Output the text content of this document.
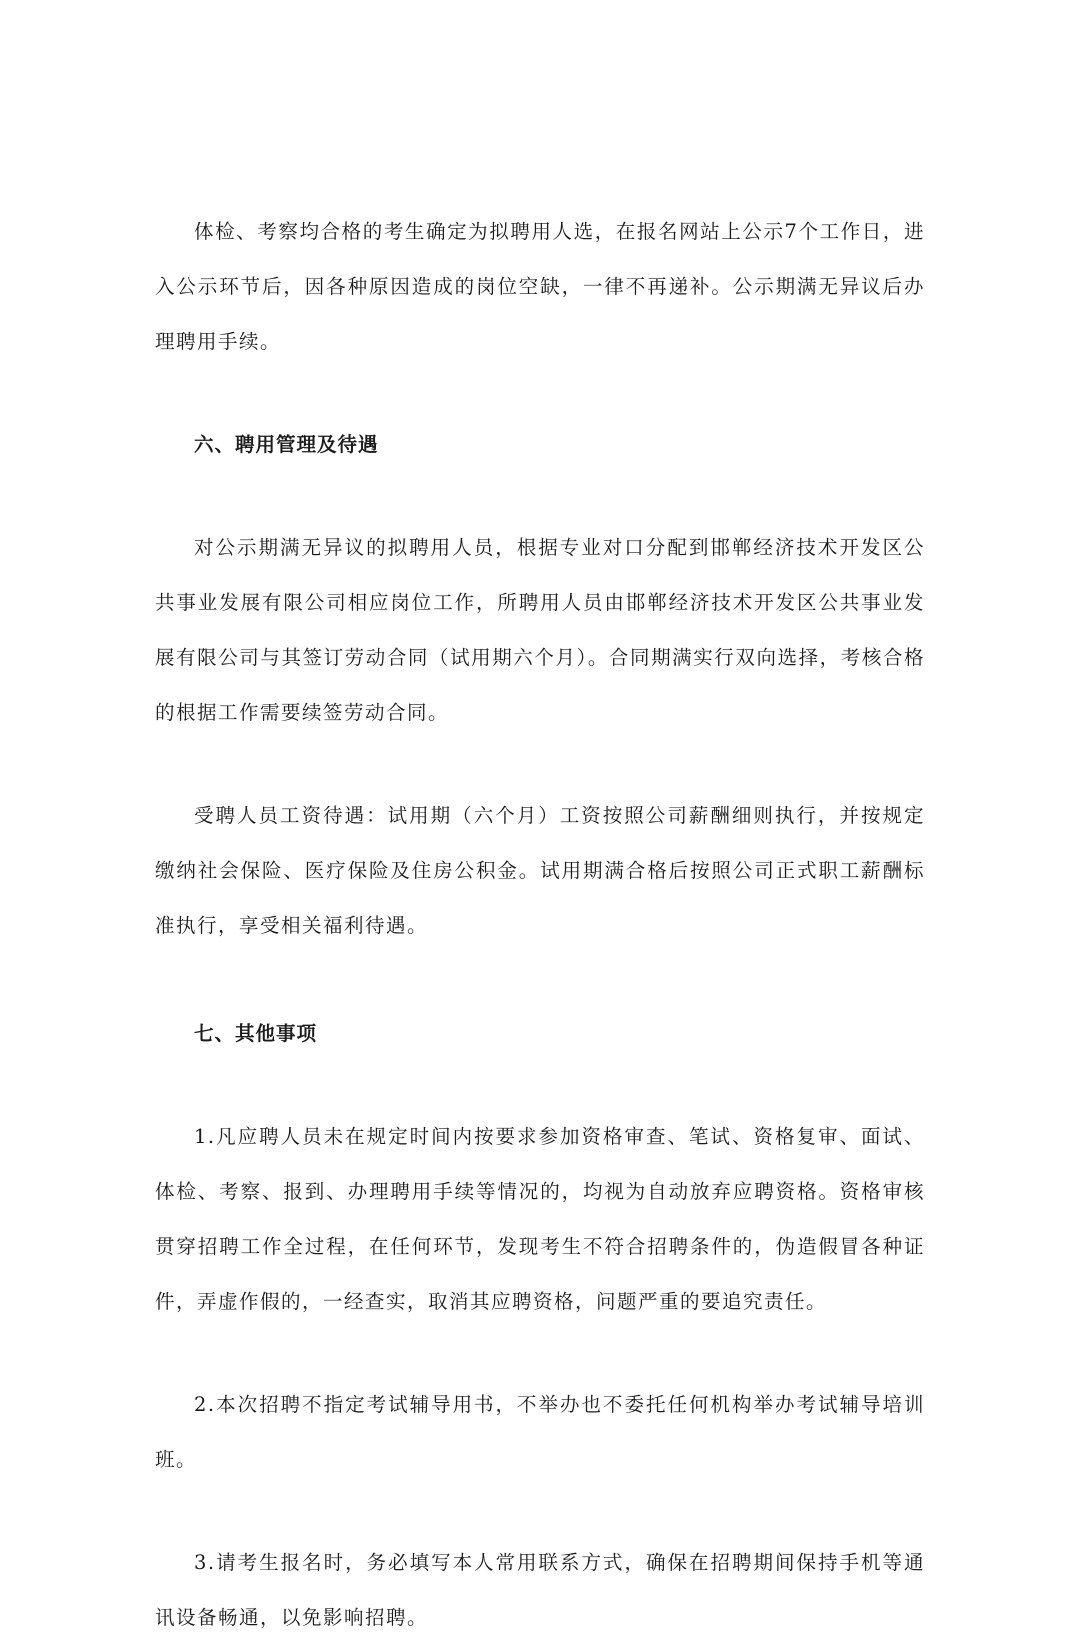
体检、考察均合格的考生确定为拟聘用人选，在报名网站上公示7个工作日，进入公示环节后，因各种原因造成的岗位空缺，一律不再递补。公示期满无异议后办理聘用手续。

六、聘用管理及待遇

对公示期满无异议的拟聘用人员，根据专业对口分配到邯郸经济技术开发区公共事业发展有限公司相应岗位工作，所聘用人员由邯郸经济技术开发区公共事业发展有限公司与其签订劳动合同（试用期六个月）。合同期满实行双向选择，考核合格的根据工作需要续签劳动合同。

受聘人员工资待遇：试用期（六个月）工资按照公司薪酬细则执行，并按规定缴纳社会保险、医疗保险及住房公积金。试用期满合格后按照公司正式职工薪酬标准执行，享受相关福利待遇。

七、其他事项

1.凡应聘人员未在规定时间内按要求参加资格审查、笔试、资格复审、面试、体检、考察、报到、办理聘用手续等情况的，均视为自动放弃应聘资格。资格审核贯穿招聘工作全过程，在任何环节，发现考生不符合招聘条件的，伪造假冒各种证件，弄虚作假的，一经查实，取消其应聘资格，问题严重的要追究责任。

2.本次招聘不指定考试辅导用书，不举办也不委托任何机构举办考试辅导培训班。

3.请考生报名时，务必填写本人常用联系方式，确保在招聘期间保持手机等通讯设备畅通，以免影响招聘。
